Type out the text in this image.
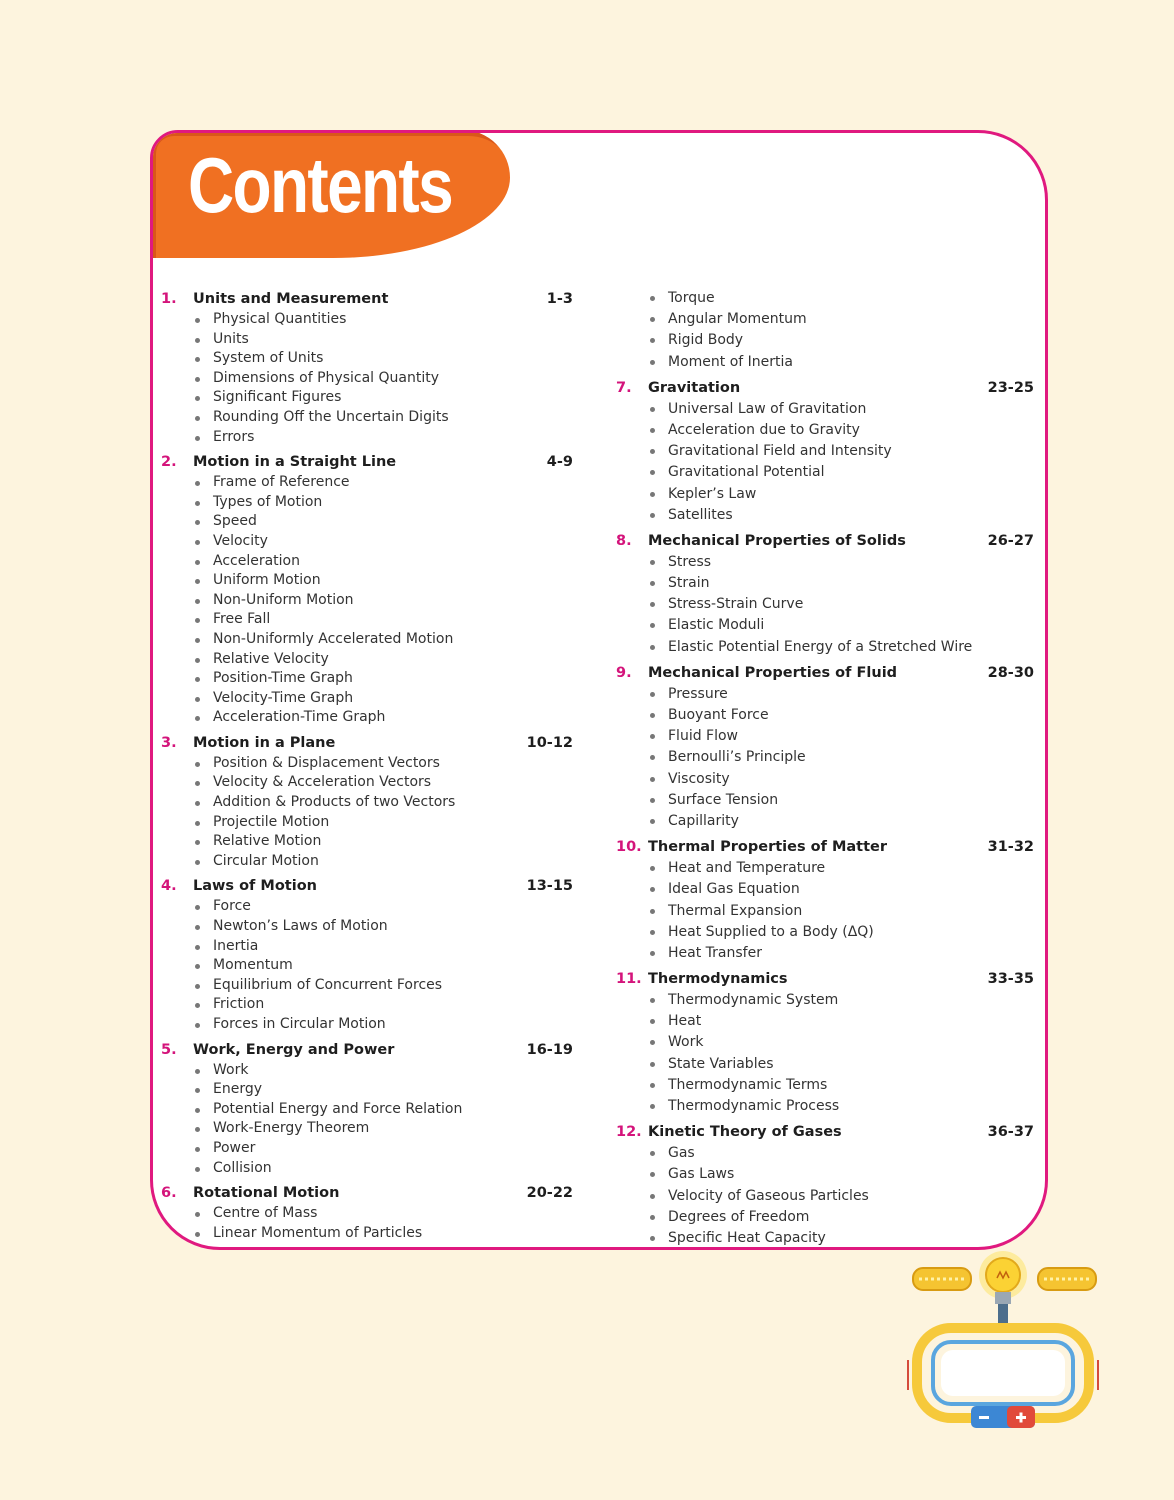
Contents
1.	Units and Measurement	1-3
Physical Quantities
Units
System of Units
Dimensions of Physical Quantity
Significant Figures
Rounding Off the Uncertain Digits
Errors
2.	Motion in a Straight Line	4-9
Frame of Reference
Types of Motion
Speed
Velocity
Acceleration
Uniform Motion
Non-Uniform Motion
Free Fall
Non-Uniformly Accelerated Motion
Relative Velocity
Position-Time Graph
Velocity-Time Graph
Acceleration-Time Graph
3.	Motion in a Plane	10-12
Position & Displacement Vectors
Velocity & Acceleration Vectors
Addition & Products of two Vectors
Projectile Motion
Relative Motion
Circular Motion
4.	Laws of Motion	13-15
Force
Newton’s Laws of Motion
Inertia
Momentum
Equilibrium of Concurrent Forces
Friction
Forces in Circular Motion
5.	Work, Energy and Power	16-19
Work
Energy
Potential Energy and Force Relation
Work-Energy Theorem
Power
Collision
6.	Rotational Motion	20-22
Centre of Mass
Linear Momentum of Particles
Torque
Angular Momentum
Rigid Body
Moment of Inertia
7.	Gravitation	23-25
Universal Law of Gravitation
Acceleration due to Gravity
Gravitational Field and Intensity
Gravitational Potential
Kepler’s Law
Satellites
8.	Mechanical Properties of Solids	26-27
Stress
Strain
Stress-Strain Curve
Elastic Moduli
Elastic Potential Energy of a Stretched Wire
9.	Mechanical Properties of Fluid	28-30
Pressure
Buoyant Force
Fluid Flow
Bernoulli’s Principle
Viscosity
Surface Tension
Capillarity
10. Thermal Properties of Matter	31-32
Heat and Temperature
Ideal Gas Equation
Thermal Expansion
Heat Supplied to a Body (ΔQ)
Heat Transfer
11. Thermodynamics	33-35
Thermodynamic System
Heat
Work
State Variables
Thermodynamic Terms
Thermodynamic Process
12. Kinetic Theory of Gases	36-37
Gas
Gas Laws
Velocity of Gaseous Particles
Degrees of Freedom
Specific Heat Capacity
